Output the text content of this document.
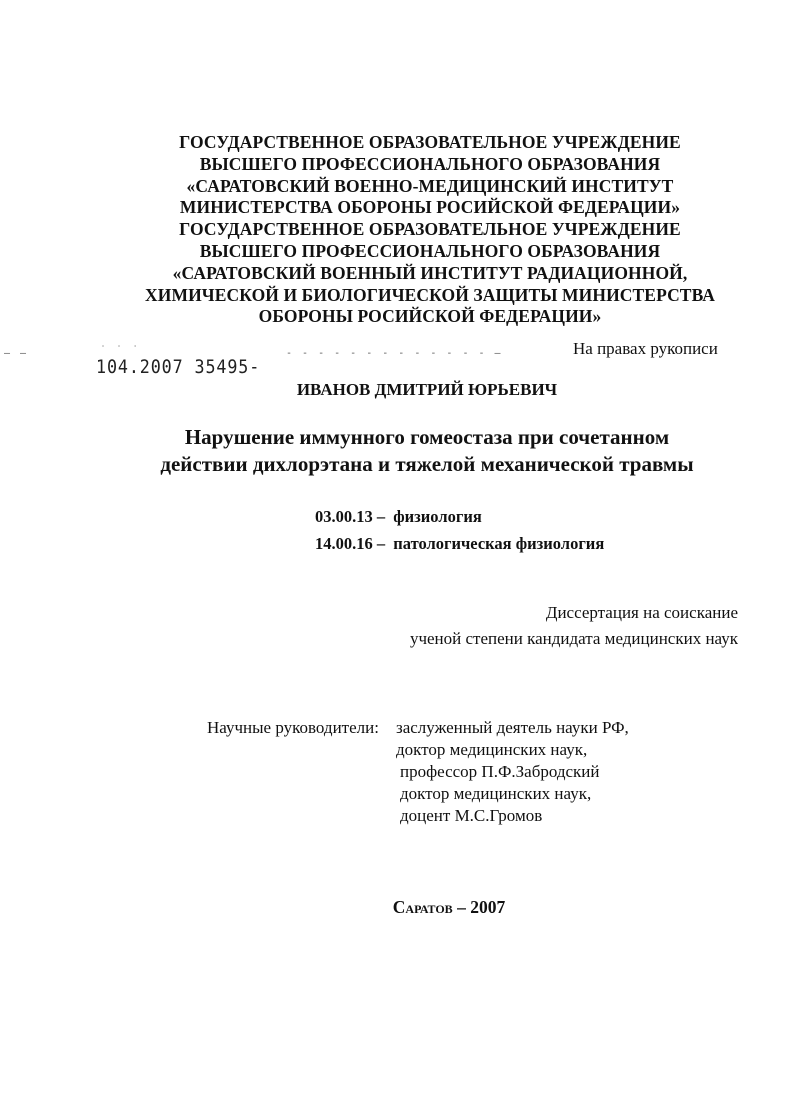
ГОСУДАРСТВЕННОЕ ОБРАЗОВАТЕЛЬНОЕ УЧРЕЖДЕНИЕ
ВЫСШЕГО ПРОФЕССИОНАЛЬНОГО ОБРАЗОВАНИЯ
«САРАТОВСКИЙ ВОЕННО-МЕДИЦИНСКИЙ ИНСТИТУТ
МИНИСТЕРСТВА ОБОРОНЫ РОСИЙСКОЙ ФЕДЕРАЦИИ»
ГОСУДАРСТВЕННОЕ ОБРАЗОВАТЕЛЬНОЕ УЧРЕЖДЕНИЕ
ВЫСШЕГО ПРОФЕССИОНАЛЬНОГО ОБРАЗОВАНИЯ
«САРАТОВСКИЙ ВОЕННЫЙ ИНСТИТУТ РАДИАЦИОННОЙ,
ХИМИЧЕСКОЙ И БИОЛОГИЧЕСКОЙ ЗАЩИТЫ МИНИСТЕРСТВА
ОБОРОНЫ РОСИЙСКОЙ ФЕДЕРАЦИИ»
‒ ‒	˙ ˙ ˙	- - - - - - - - - - - - - ‒	На правах рукописи
104.2007 35495-
ИВАНОВ ДМИТРИЙ ЮРЬЕВИЧ
Нарушение иммунного гомеостаза при сочетанном
действии дихлорэтана и тяжелой механической травмы
03.00.13 – физиология
14.00.16 – патологическая физиология
Диссертация на соискание
ученой степени кандидата медицинских наук
Научные руководители: заслуженный деятель науки РФ,
доктор медицинских наук,
профессор П.Ф.Забродский
доктор медицинских наук,
доцент М.С.Громов
Саратов – 2007
